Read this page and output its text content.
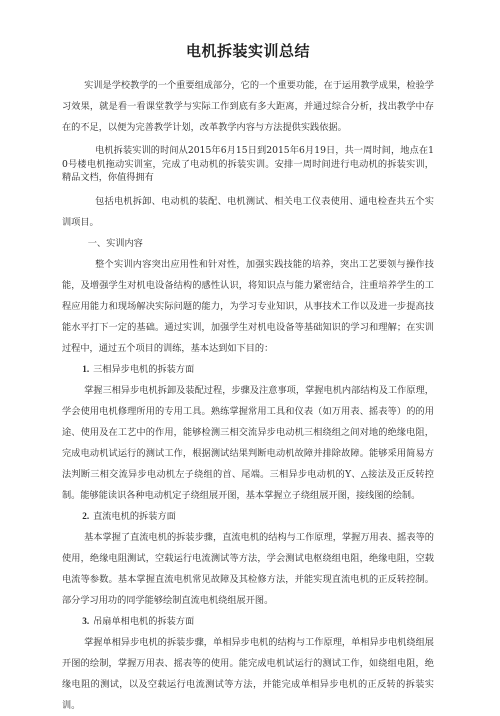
电机拆装实训总结

实训是学校教学的一个重要组成部分，它的一个重要功能，在于运用教学成果，检验学习效果，就是看一看课堂教学与实际工作到底有多大距离，并通过综合分析，找出教学中存在的不足，以便为完善教学计划，改革教学内容与方法提供实践依据。

电机拆装实训的时间从2015年6月15日到2015年6月19日，共一周时间，地点在10号楼电机拖动实训室，完成了电动机的拆装实训。安排一周时间进行电动机的拆装实训，精品文档，你值得拥有

包括电机拆卸、电动机的装配、电机测试、相关电工仪表使用、通电检查共五个实训项目。

一、实训内容

整个实训内容突出应用性和针对性，加强实践技能的培养，突出工艺要领与操作技能，及增强学生对机电设备结构的感性认识，将知识点与能力紧密结合，注重培养学生的工程应用能力和现场解决实际问题的能力，为学习专业知识，从事技术工作以及进一步提高技能水平打下一定的基础。通过实训，加强学生对机电设备等基础知识的学习和理解；在实训过程中，通过五个项目的训练，基本达到如下目的：

1. 三相异步电机的拆装方面

掌握三相异步电机拆卸及装配过程，步骤及注意事项，掌握电机内部结构及工作原理，学会使用电机修理所用的专用工具。熟练掌握常用工具和仪表（如万用表、摇表等）的的用途、使用及在工艺中的作用，能够检测三相交流异步电动机三相绕组之间对地的绝缘电阻，完成电动机试运行的测试工作，根据测试结果判断电动机故障并排除故障。能够采用简易方法判断三相交流异步电动机左子绕组的首、尾端。三相异步电动机的Y、△接法及正反转控制。能够能读识各种电动机定子绕组展开图，基本掌握立子绕组展开图，接线图的绘制。

2. 直流电机的拆装方面

基本掌握了直流电机的拆装步骤，直流电机的结构与工作原理，掌握万用表、摇表等的使用，绝缘电阻测试，空载运行电流测试等方法，学会测试电枢绕组电阻，绝缘电阻，空载电流等参数。基本掌握直流电机常见故障及其检修方法，并能实现直流电机的正反转控制。部分学习用功的同学能够绘制直流电机绕组展开图。

3. 吊扇单相电机的拆装方面

掌握单相异步电机的拆装步骤，单相异步电机的结构与工作原理，单相异步电机绕组展开图的绘制，掌握万用表、摇表等的使用。能完成电机试运行的测试工作，如绕组电阻，绝缘电阻的测试，以及空载运行电流测试等方法，并能完成单相异步电机的正反转的拆装实训。
